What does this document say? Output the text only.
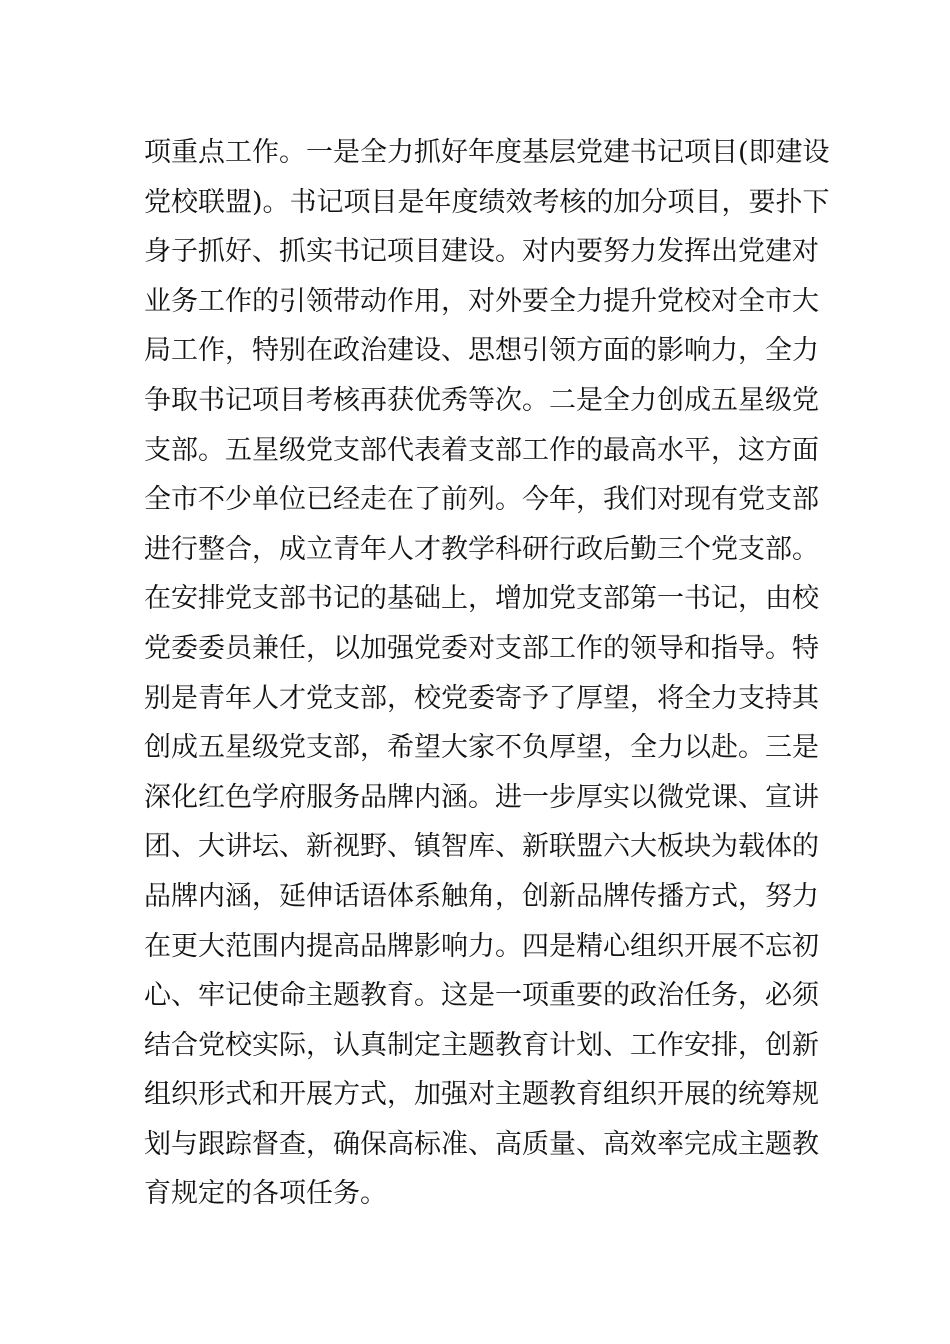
项重点工作。一是全力抓好年度基层党建书记项目(即建设
党校联盟)。书记项目是年度绩效考核的加分项目，要扑下
身子抓好、抓实书记项目建设。对内要努力发挥出党建对
业务工作的引领带动作用，对外要全力提升党校对全市大
局工作，特别在政治建设、思想引领方面的影响力，全力
争取书记项目考核再获优秀等次。二是全力创成五星级党
支部。五星级党支部代表着支部工作的最高水平，这方面
全市不少单位已经走在了前列。今年，我们对现有党支部
进行整合，成立青年人才教学科研行政后勤三个党支部。
在安排党支部书记的基础上，增加党支部第一书记，由校
党委委员兼任，以加强党委对支部工作的领导和指导。特
别是青年人才党支部，校党委寄予了厚望，将全力支持其
创成五星级党支部，希望大家不负厚望，全力以赴。三是
深化红色学府服务品牌内涵。进一步厚实以微党课、宣讲
团、大讲坛、新视野、镇智库、新联盟六大板块为载体的
品牌内涵，延伸话语体系触角，创新品牌传播方式，努力
在更大范围内提高品牌影响力。四是精心组织开展不忘初
心、牢记使命主题教育。这是一项重要的政治任务，必须
结合党校实际，认真制定主题教育计划、工作安排，创新
组织形式和开展方式，加强对主题教育组织开展的统筹规
划与跟踪督查，确保高标准、高质量、高效率完成主题教
育规定的各项任务。
